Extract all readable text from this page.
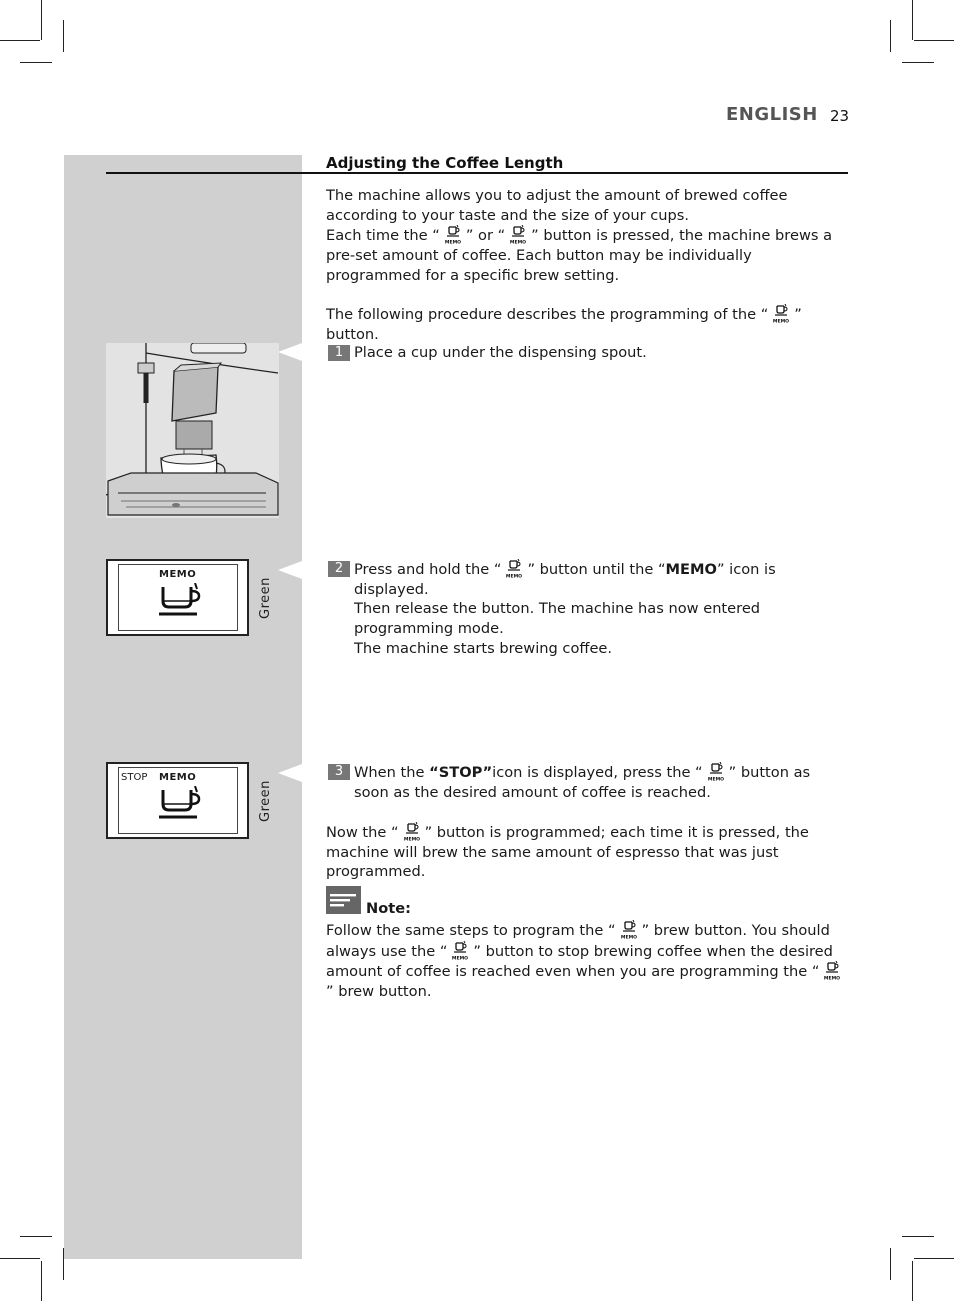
ENGLISH 23
Adjusting the Coffee Length
The machine allows you to adjust the amount of brewed coffee according to your taste and the size of your cups.
Each time the “ ” or “ ” button is pressed, the machine brews a pre-set amount of coffee. Each button may be individually programmed for a specific brew setting.
The following procedure describes the programming of the “ ” button.
1 Place a cup under the dispensing spout.
MEMO
Green
2 Press and hold the “ ” button until the “MEMO” icon is displayed.
Then release the button. The machine has now entered programming mode.
The machine starts brewing coffee.
STOP MEMO
Green
3 When the “STOP”icon is displayed, press the “ ” button as soon as the desired amount of coffee is reached.
Now the “ ” button is programmed; each time it is pressed, the machine will brew the same amount of espresso that was just programmed.
Note:
Follow the same steps to program the “ ” brew button. You should always use the “ ” button to stop brewing coffee when the desired amount of coffee is reached even when you are programming the “” brew button.
